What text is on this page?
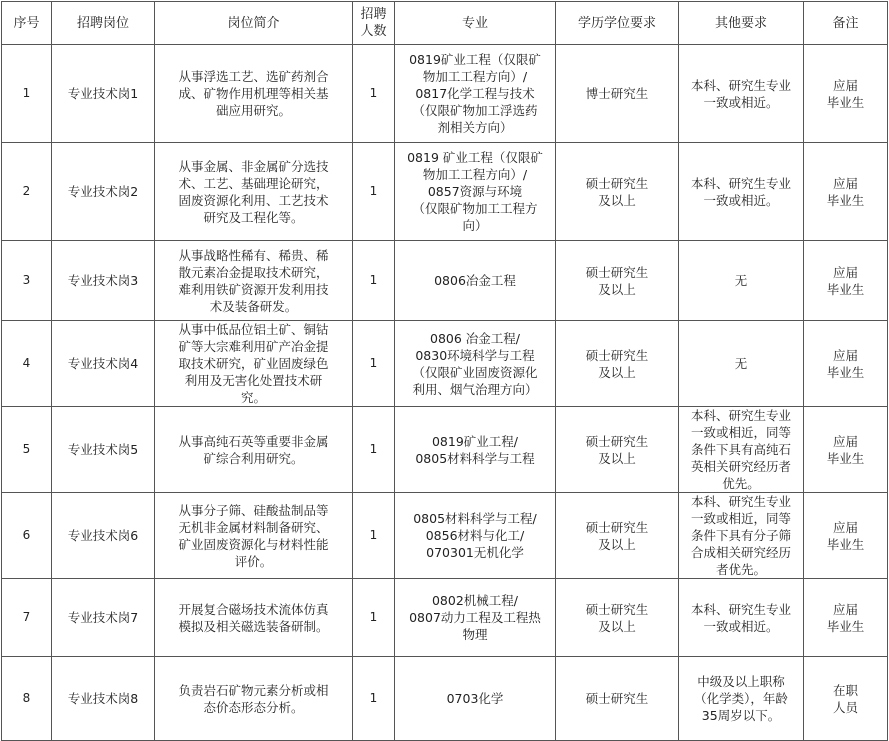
序号	招聘岗位	岗位简介	招聘 人数	专业	学历学位要求	其他要求	备注
1	专业技术岗1	从事浮选工艺、选矿药剂合
成、矿物作用机理等相关基
础应用研究。	1	0819矿业工程（仅限矿
物加工工程方向）/
0817化学工程与技术
（仅限矿物加工浮选药
剂相关方向）	博士研究生	本科、研究生专业
一致或相近。	应届
毕业生
2	专业技术岗2	从事金属、非金属矿分选技
术、工艺、基础理论研究，
固废资源化利用、工艺技术
研究及工程化等。	1	0819 矿业工程（仅限矿
物加工工程方向）/
0857资源与环境
（仅限矿物加工工程方
向）	硕士研究生
及以上	本科、研究生专业
一致或相近。	应届
毕业生
3	专业技术岗3	从事战略性稀有、稀贵、稀
散元素冶金提取技术研究，
难利用铁矿资源开发利用技
术及装备研发。	1	0806冶金工程	硕士研究生
及以上	无	应届
毕业生
4	专业技术岗4	从事中低品位铝土矿、铜钴
矿等大宗难利用矿产冶金提
取技术研究，矿业固废绿色
利用及无害化处置技术研
究。	1	0806 冶金工程/
0830环境科学与工程
（仅限矿业固废资源化
利用、烟气治理方向）	硕士研究生
及以上	无	应届
毕业生
5	专业技术岗5	从事高纯石英等重要非金属
矿综合利用研究。	1	0819矿业工程/
0805材料科学与工程	硕士研究生
及以上	本科、研究生专业
一致或相近，同等
条件下具有高纯石
英相关研究经历者
优先。	应届
毕业生
6	专业技术岗6	从事分子筛、硅酸盐制品等
无机非金属材料制备研究、
矿业固废资源化与材料性能
评价。	1	0805材料科学与工程/
0856材料与化工/
070301无机化学	硕士研究生
及以上	本科、研究生专业
一致或相近，同等
条件下具有分子筛
合成相关研究经历
者优先。	应届
毕业生
7	专业技术岗7	开展复合磁场技术流体仿真
模拟及相关磁选装备研制。	1	0802机械工程/
0807动力工程及工程热
物理	硕士研究生
及以上	本科、研究生专业
一致或相近。	应届
毕业生
8	专业技术岗8	负责岩石矿物元素分析或相
态价态形态分析。	1	0703化学	硕士研究生	中级及以上职称
（化学类），年龄
35周岁以下。	在职
人员
